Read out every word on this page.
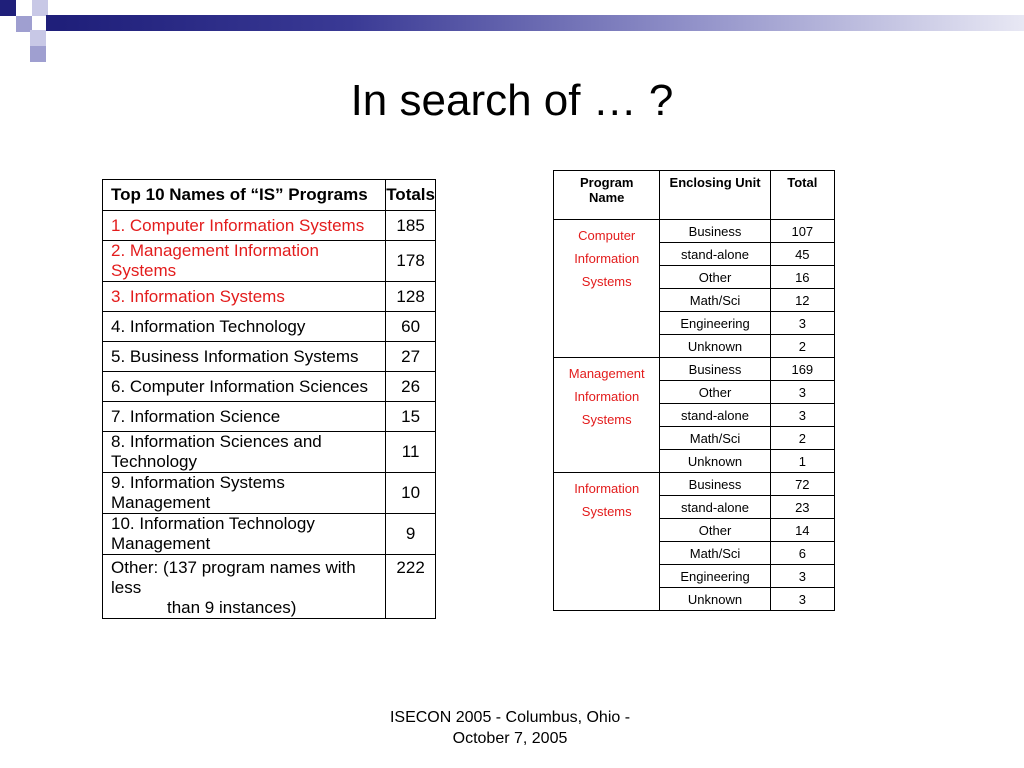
In search of … ?
Top 10 Names of “IS” Programs	Totals
1. Computer Information Systems	185
2. Management Information Systems	178
3. Information Systems	128
4. Information Technology	60
5. Business Information Systems	27
6. Computer Information Sciences	26
7. Information Science	15
8. Information Sciences and Technology	11
9. Information Systems Management	10
10. Information Technology Management	9
Other: (137 program names with less
than 9 instances)	222
Program
Name	Enclosing Unit	Total
Computer
Information
Systems	Business	107
	stand-alone	45
	Other	16
	Math/Sci	12
	Engineering	3
	Unknown	2
Management
Information
Systems	Business	169
	Other	3
	stand-alone	3
	Math/Sci	2
	Unknown	1
Information
Systems	Business	72
	stand-alone	23
	Other	14
	Math/Sci	6
	Engineering	3
	Unknown	3
ISECON 2005 - Columbus, Ohio -
October 7, 2005
